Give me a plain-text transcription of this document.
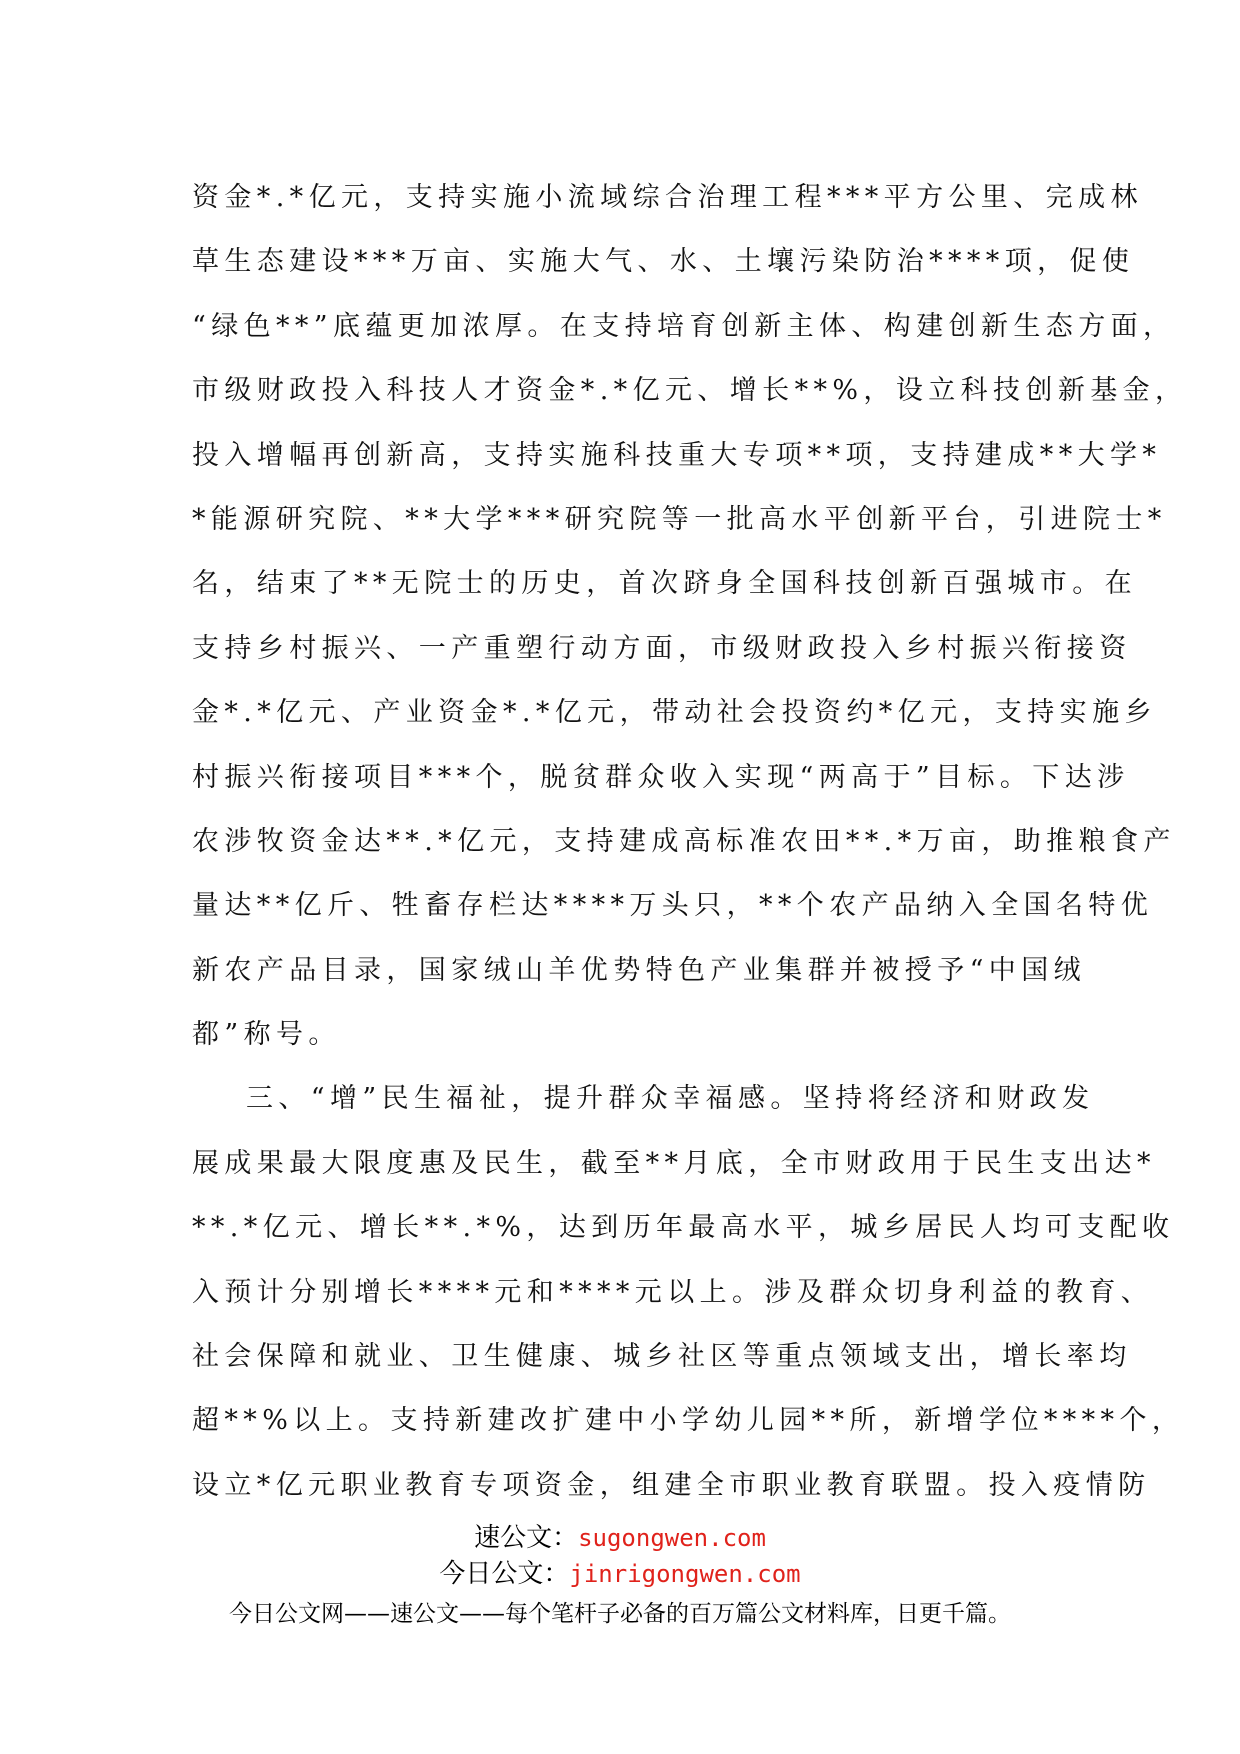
资金*.*亿元，支持实施小流域综合治理工程***平方公里、完成林
草生态建设***万亩、实施大气、水、土壤污染防治****项，促使
“绿色**”底蕴更加浓厚。在支持培育创新主体、构建创新生态方面，
市级财政投入科技人才资金*.*亿元、增长**%，设立科技创新基金，
投入增幅再创新高，支持实施科技重大专项**项，支持建成**大学*
*能源研究院、**大学***研究院等一批高水平创新平台，引进院士*
名，结束了**无院士的历史，首次跻身全国科技创新百强城市。在
支持乡村振兴、一产重塑行动方面，市级财政投入乡村振兴衔接资
金*.*亿元、产业资金*.*亿元，带动社会投资约*亿元，支持实施乡
村振兴衔接项目***个，脱贫群众收入实现“两高于”目标。下达涉
农涉牧资金达**.*亿元，支持建成高标准农田**.*万亩，助推粮食产
量达**亿斤、牲畜存栏达****万头只，**个农产品纳入全国名特优
新农产品目录，国家绒山羊优势特色产业集群并被授予“中国绒
都”称号。
三、“增”民生福祉，提升群众幸福感。坚持将经济和财政发
展成果最大限度惠及民生，截至**月底，全市财政用于民生支出达*
**.*亿元、增长**.*%，达到历年最高水平，城乡居民人均可支配收
入预计分别增长****元和****元以上。涉及群众切身利益的教育、
社会保障和就业、卫生健康、城乡社区等重点领域支出，增长率均
超**%以上。支持新建改扩建中小学幼儿园**所，新增学位****个，
设立*亿元职业教育专项资金，组建全市职业教育联盟。投入疫情防
速公文：sugongwen.com
今日公文：jinrigongwen.com
今日公文网——速公文——每个笔杆子必备的百万篇公文材料库，日更千篇。
